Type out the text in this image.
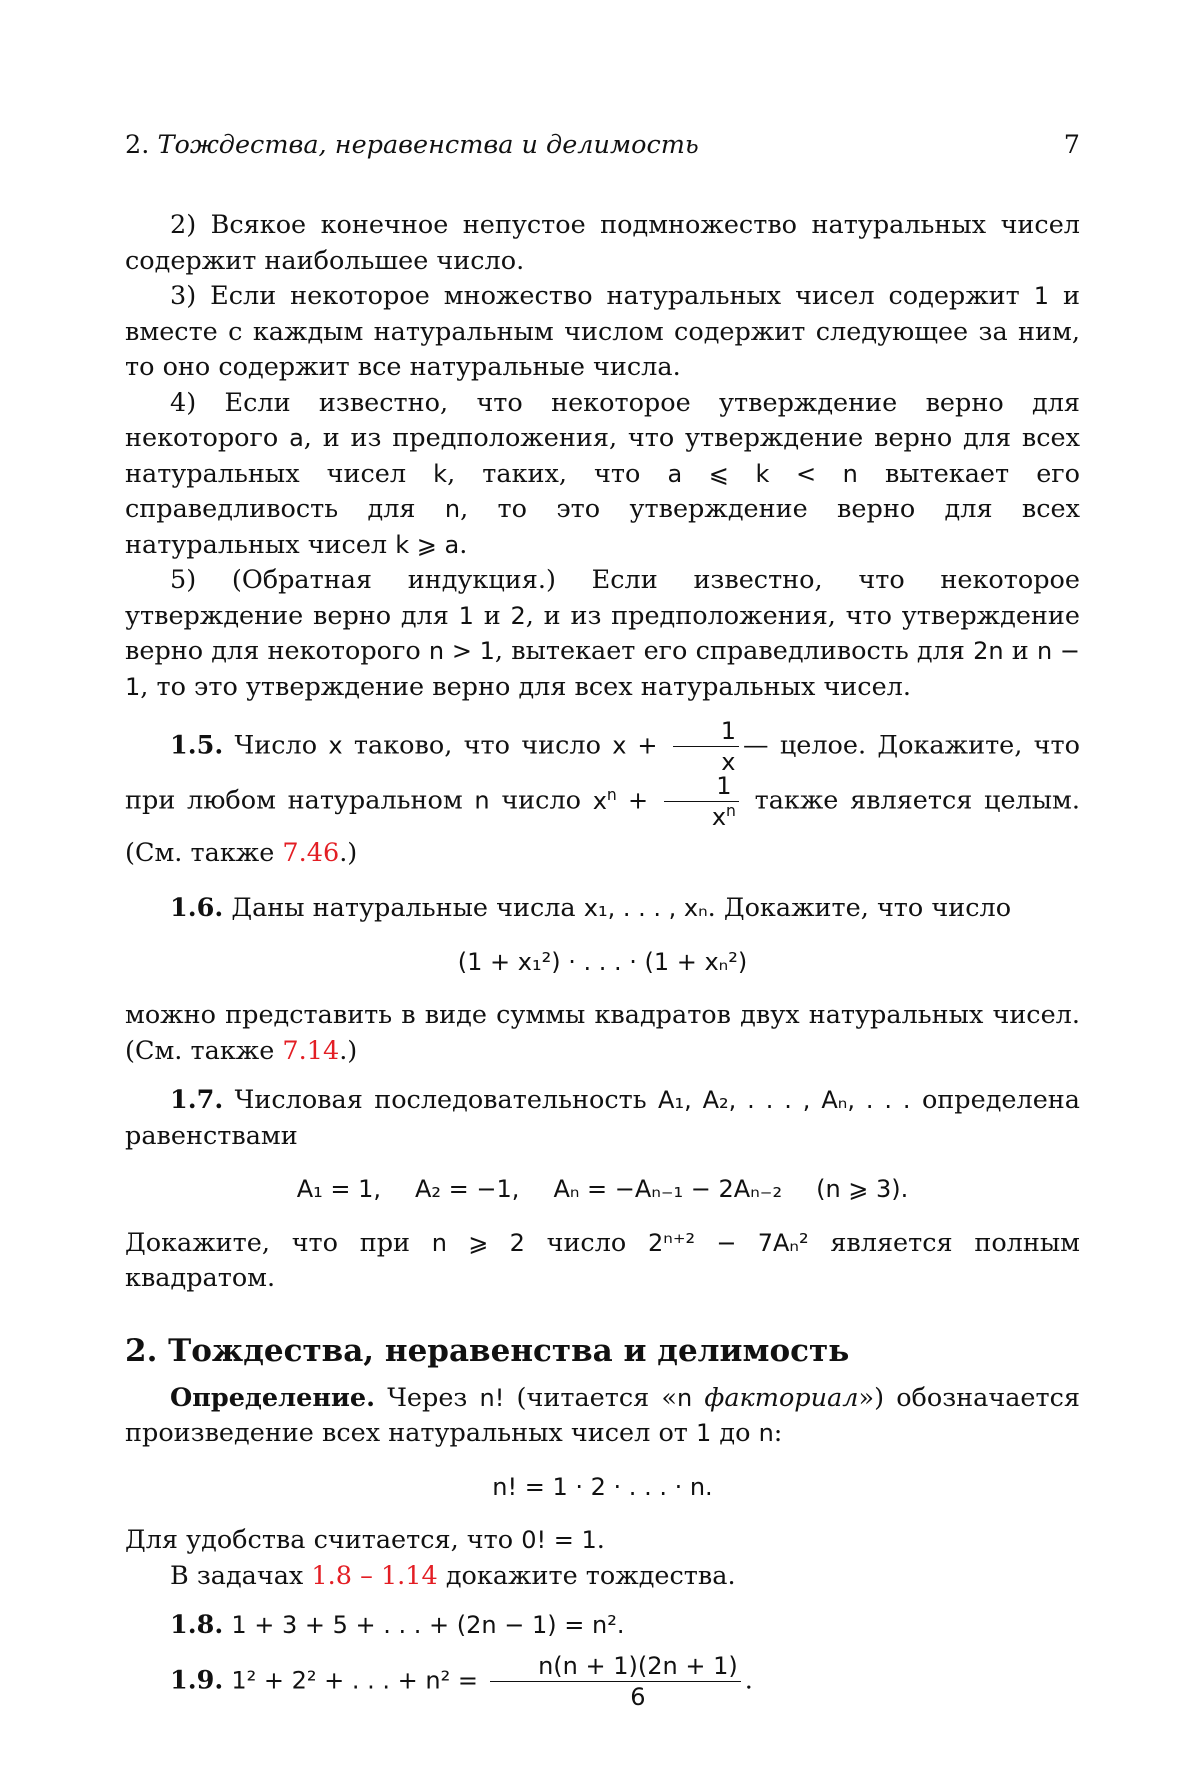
2. Тождества, неравенства и делимость	7

2) Всякое конечное непустое подмножество натуральных чисел содержит наибольшее число.

3) Если некоторое множество натуральных чисел содержит 1 и вместе с каждым натуральным числом содержит следующее за ним, то оно содержит все натуральные числа.

4) Если известно, что некоторое утверждение верно для некоторого a, и из предположения, что утверждение верно для всех натуральных чисел k, таких, что a ⩽ k < n вытекает его справедливость для n, то это утверждение верно для всех натуральных чисел k ⩾ a.

5) (Обратная индукция.) Если известно, что некоторое утверждение верно для 1 и 2, и из предположения, что утверждение верно для некоторого n > 1, вытекает его справедливость для 2n и n − 1, то это утверждение верно для всех натуральных чисел.

1.5. Число x таково, что число $x + \frac{1}{x}$ — целое. Докажите, что при любом натуральном n число $x^n + \frac{1}{x^n}$ также является целым. (См. также 7.46.)

1.6. Даны натуральные числа x₁, . . . , xₙ. Докажите, что число

(1 + x₁²) · . . . · (1 + xₙ²)

можно представить в виде суммы квадратов двух натуральных чисел. (См. также 7.14.)

1.7. Числовая последовательность A₁, A₂, . . . , Aₙ, . . . определена равенствами

A₁ = 1, A₂ = −1, Aₙ = −Aₙ₋₁ − 2Aₙ₋₂ (n ⩾ 3).

Докажите, что при n ⩾ 2 число 2ⁿ⁺² − 7Aₙ² является полным квадратом.

2. Тождества, неравенства и делимость

Определение. Через n! (читается «n факториал») обозначается произведение всех натуральных чисел от 1 до n:

n! = 1 · 2 · . . . · n.

Для удобства считается, что 0! = 1.

В задачах 1.8 – 1.14 докажите тождества.

1.8. 1 + 3 + 5 + . . . + (2n − 1) = n².

1.9. 1² + 2² + . . . + $n^2 = \frac{n(n + 1)(2n + 1)}{6}$ .
